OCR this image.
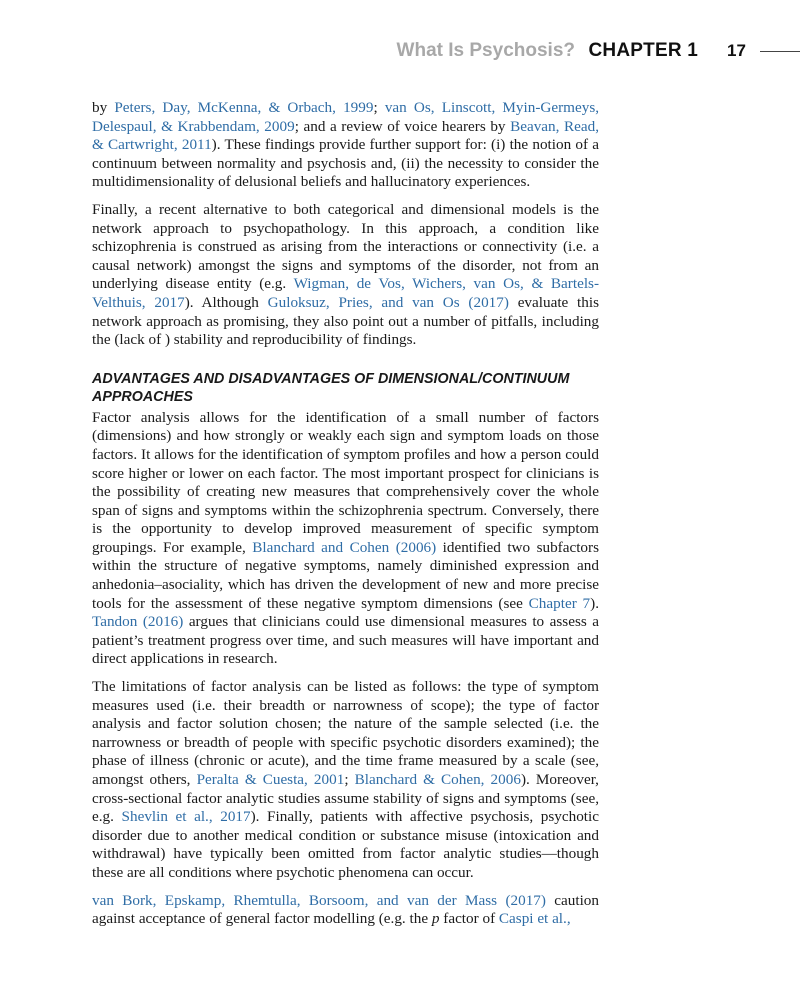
What Is Psychosis? CHAPTER 1 17

by Peters, Day, McKenna, & Orbach, 1999; van Os, Linscott, Myin-Germeys, Delespaul, & Krabbendam, 2009; and a review of voice hearers by Beavan, Read, & Cartwright, 2011). These findings provide further support for: (i) the notion of a continuum between normality and psychosis and, (ii) the necessity to consider the multidimensionality of delusional beliefs and hallucinatory experiences.

Finally, a recent alternative to both categorical and dimensional models is the network approach to psychopathology. In this approach, a condition like schizophrenia is construed as arising from the interactions or connectivity (i.e. a causal network) amongst the signs and symptoms of the disorder, not from an underlying disease entity (e.g. Wigman, de Vos, Wichers, van Os, & Bartels-Velthuis, 2017). Although Guloksuz, Pries, and van Os (2017) evaluate this network approach as promising, they also point out a number of pitfalls, including the (lack of ) stability and reproducibility of findings.

ADVANTAGES AND DISADVANTAGES OF DIMENSIONAL/CONTINUUM APPROACHES

Factor analysis allows for the identification of a small number of factors (dimensions) and how strongly or weakly each sign and symptom loads on those factors. It allows for the identification of symptom profiles and how a person could score higher or lower on each factor. The most important prospect for clinicians is the possibility of creating new measures that comprehensively cover the whole span of signs and symptoms within the schizophrenia spectrum. Conversely, there is the opportunity to develop improved measurement of specific symptom groupings. For example, Blanchard and Cohen (2006) identified two subfactors within the structure of negative symptoms, namely diminished expression and anhedonia–asociality, which has driven the development of new and more precise tools for the assessment of these negative symptom dimensions (see Chapter 7). Tandon (2016) argues that clinicians could use dimensional measures to assess a patient’s treatment progress over time, and such measures will have important and direct applications in research.

The limitations of factor analysis can be listed as follows: the type of symptom measures used (i.e. their breadth or narrowness of scope); the type of factor analysis and factor solution chosen; the nature of the sample selected (i.e. the narrowness or breadth of people with specific psychotic disorders examined); the phase of illness (chronic or acute), and the time frame measured by a scale (see, amongst others, Peralta & Cuesta, 2001; Blanchard & Cohen, 2006). Moreover, cross-sectional factor analytic studies assume stability of signs and symptoms (see, e.g. Shevlin et al., 2017). Finally, patients with affective psychosis, psychotic disorder due to another medical condition or substance misuse (intoxication and withdrawal) have typically been omitted from factor analytic studies—though these are all conditions where psychotic phenomena can occur.

van Bork, Epskamp, Rhemtulla, Borsoom, and van der Mass (2017) caution against acceptance of general factor modelling (e.g. the p factor of Caspi et al.,
